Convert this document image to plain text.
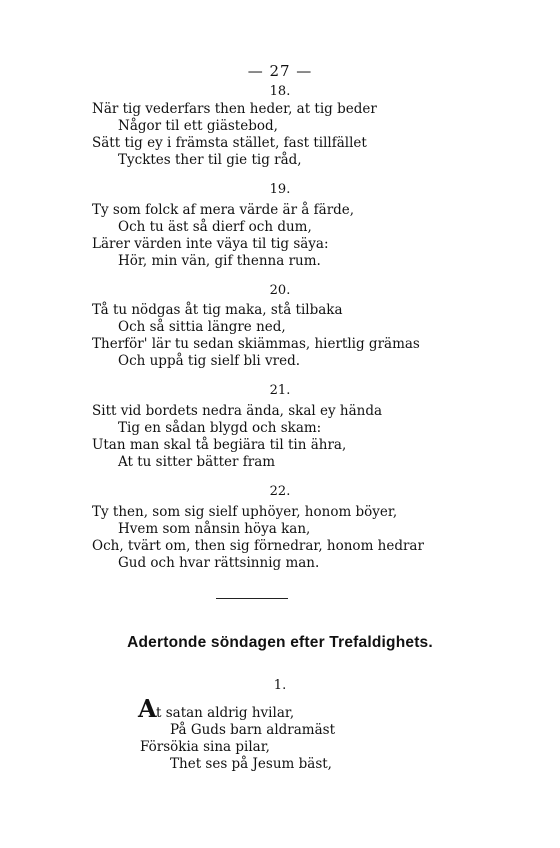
— 27 —
18.
När tig vederfars then heder, at tig beder
Någor til ett giästebod,
Sätt tig ey i främsta stället, fast tillfället
Tycktes ther til gie tig råd,
19.
Ty som folck af mera värde är å färde,
Och tu äst så dierf och dum,
Lärer värden inte väya til tig säya:
Hör, min vän, gif thenna rum.
20.
Tå tu nödgas åt tig maka, stå tilbaka
Och så sittia längre ned,
Therför' lär tu sedan skiämmas, hiertlig grämas
Och uppå tig sielf bli vred.
21.
Sitt vid bordets nedra ända, skal ey hända
Tig en sådan blygd och skam:
Utan man skal tå begiära til tin ähra,
At tu sitter bätter fram
22.
Ty then, som sig sielf uphöyer, honom böyer,
Hvem som nånsin höya kan,
Och, tvärt om, then sig förnedrar, honom hedrar
Gud och hvar rättsinnig man.
Adertonde söndagen efter Trefaldighets.
1.
A t satan aldrig hvilar,
På Guds barn aldramäst
Försökia sina pilar,
Thet ses på Jesum bäst,
